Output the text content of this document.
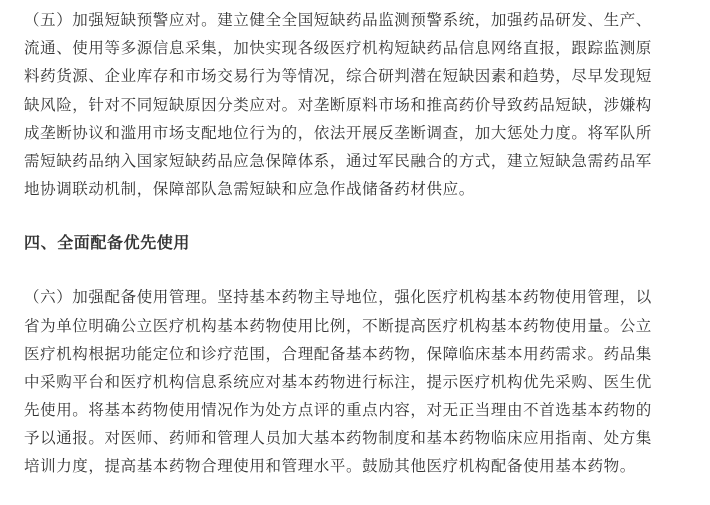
（五）加强短缺预警应对。建立健全全国短缺药品监测预警系统，加强药品研发、生产、
流通、使用等多源信息采集，加快实现各级医疗机构短缺药品信息网络直报，跟踪监测原
料药货源、企业库存和市场交易行为等情况，综合研判潜在短缺因素和趋势，尽早发现短
缺风险，针对不同短缺原因分类应对。对垄断原料市场和推高药价导致药品短缺，涉嫌构
成垄断协议和滥用市场支配地位行为的，依法开展反垄断调查，加大惩处力度。将军队所
需短缺药品纳入国家短缺药品应急保障体系，通过军民融合的方式，建立短缺急需药品军
地协调联动机制，保障部队急需短缺和应急作战储备药材供应。
四、全面配备优先使用
（六）加强配备使用管理。坚持基本药物主导地位，强化医疗机构基本药物使用管理，以
省为单位明确公立医疗机构基本药物使用比例，不断提高医疗机构基本药物使用量。公立
医疗机构根据功能定位和诊疗范围，合理配备基本药物，保障临床基本用药需求。药品集
中采购平台和医疗机构信息系统应对基本药物进行标注，提示医疗机构优先采购、医生优
先使用。将基本药物使用情况作为处方点评的重点内容，对无正当理由不首选基本药物的
予以通报。对医师、药师和管理人员加大基本药物制度和基本药物临床应用指南、处方集
培训力度，提高基本药物合理使用和管理水平。鼓励其他医疗机构配备使用基本药物。
